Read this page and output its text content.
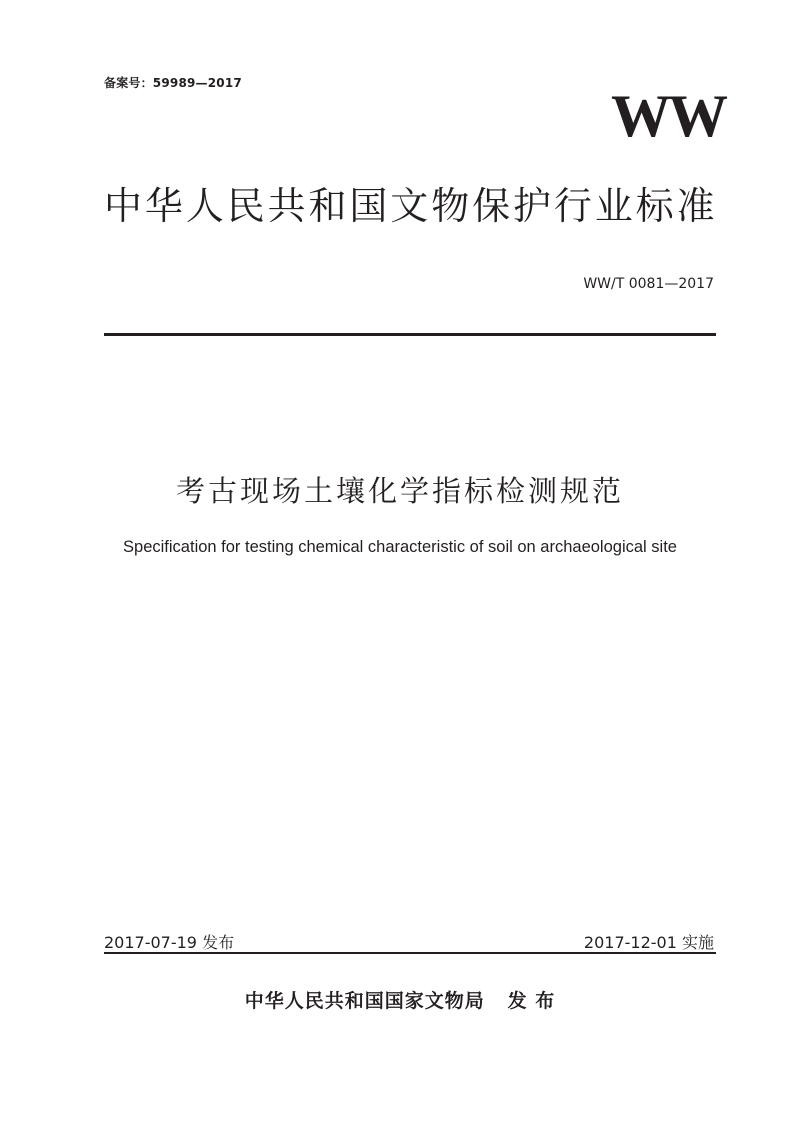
备案号：59989—2017	WW
中华人民共和国文物保护行业标准
WW/T 0081—2017
考古现场土壤化学指标检测规范
Specification for testing chemical characteristic of soil on archaeological site
2017-07-19 发布	2017-12-01 实施
中华人民共和国国家文物局   发 布
